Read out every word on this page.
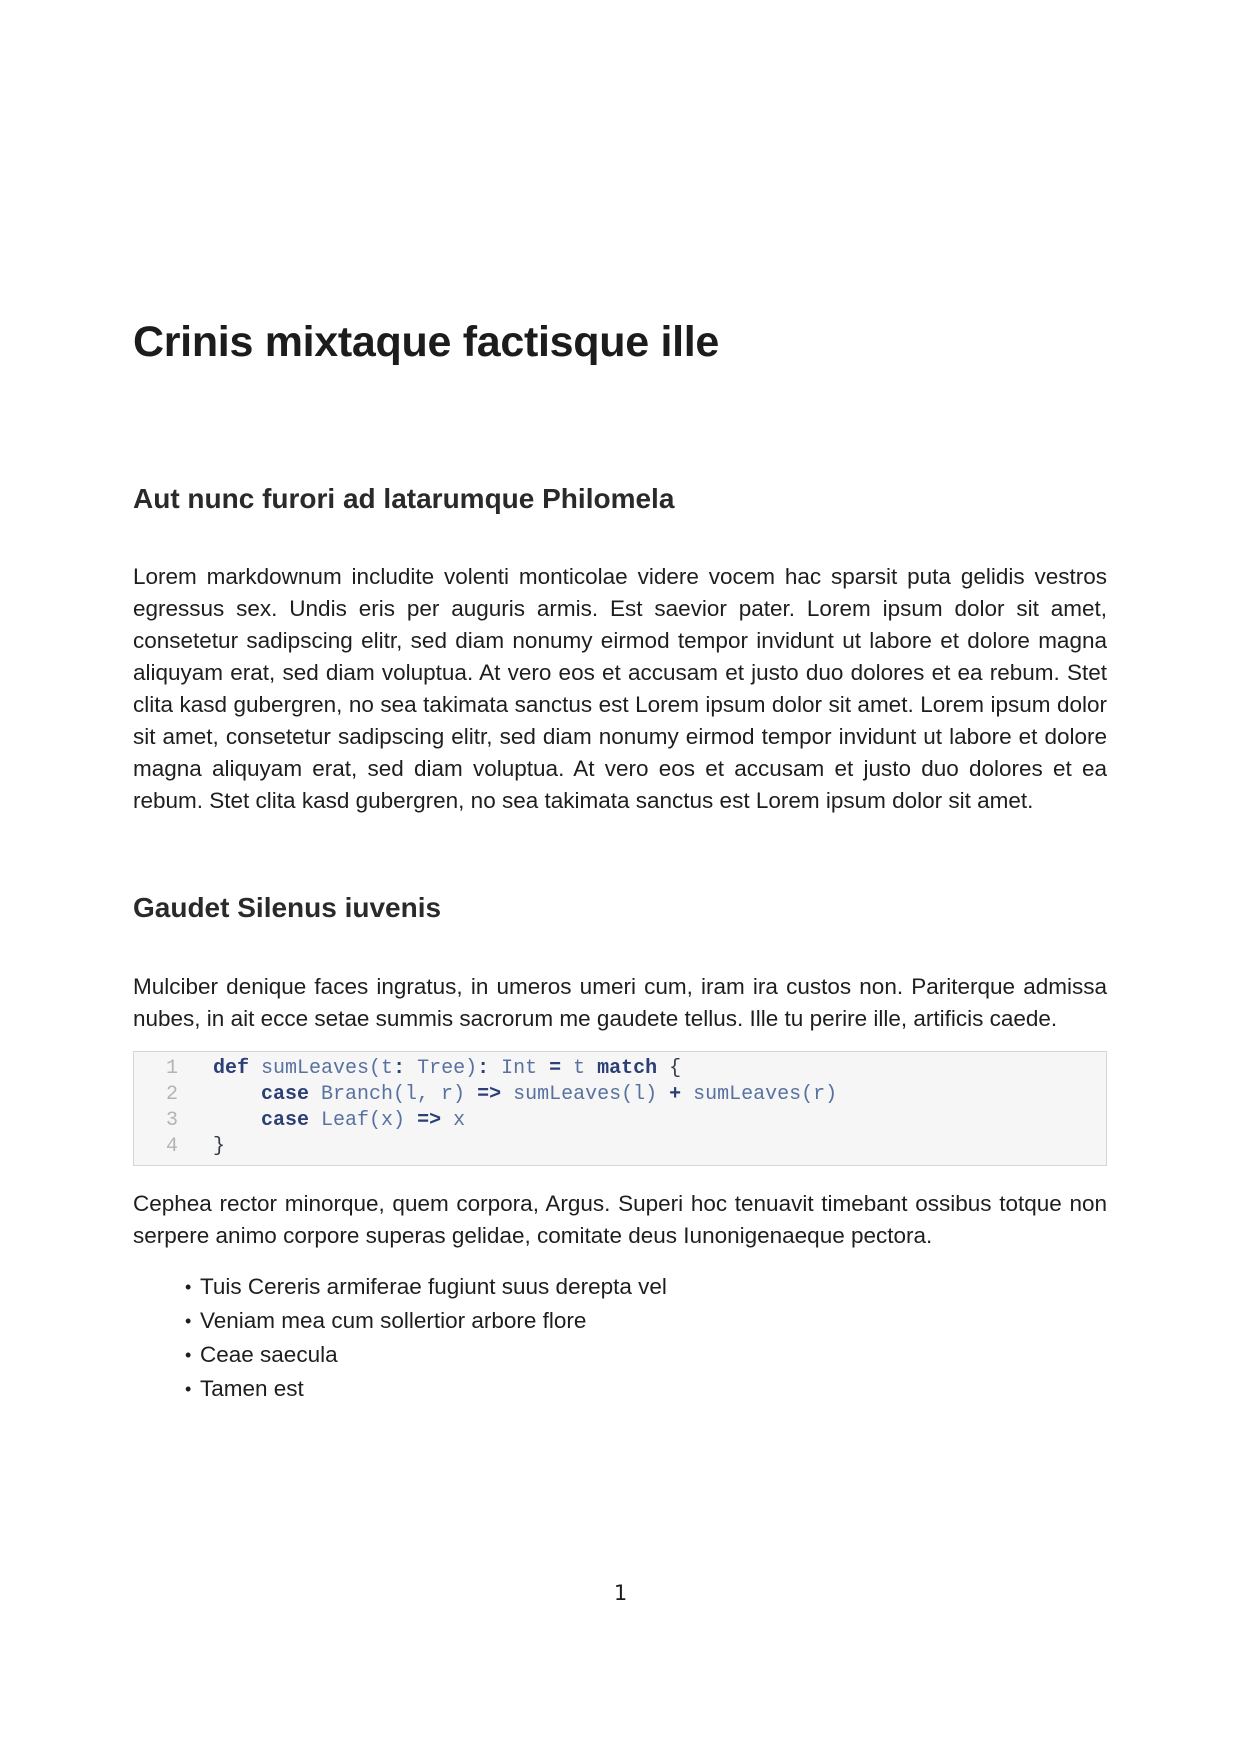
Crinis mixtaque factisque ille
Aut nunc furori ad latarumque Philomela

Lorem markdownum includite volenti monticolae videre vocem hac sparsit puta gelidis vestros egressus sex. Undis eris per auguris armis. Est saevior pater. Lorem ipsum dolor sit amet, consetetur sadipscing elitr, sed diam nonumy eirmod tempor invidunt ut labore et dolore magna aliquyam erat, sed diam voluptua. At vero eos et accusam et justo duo dolores et ea rebum. Stet clita kasd gubergren, no sea takimata sanctus est Lorem ipsum dolor sit amet. Lorem ipsum dolor sit amet, consetetur sadipscing elitr, sed diam nonumy eirmod tempor invidunt ut labore et dolore magna aliquyam erat, sed diam voluptua. At vero eos et accusam et justo duo dolores et ea rebum. Stet clita kasd gubergren, no sea takimata sanctus est Lorem ipsum dolor sit amet.

Gaudet Silenus iuvenis

Mulciber denique faces ingratus, in umeros umeri cum, iram ira custos non. Pariterque admissa nubes, in ait ecce setae summis sacrorum me gaudete tellus. Ille tu perire ille, artificis caede.

1 def sumLeaves(t: Tree): Int = t match {
2	case Branch(l, r) => sumLeaves(l) + sumLeaves(r)
3	case Leaf(x) => x
4 }

Cephea rector minorque, quem corpora, Argus. Superi hoc tenuavit timebant ossibus totque non serpere animo corpore superas gelidae, comitate deus Iunonigenaeque pectora.

• Tuis Cereris armiferae fugiunt suus derepta vel
• Veniam mea cum sollertior arbore flore
• Ceae saecula
• Tamen est
1
